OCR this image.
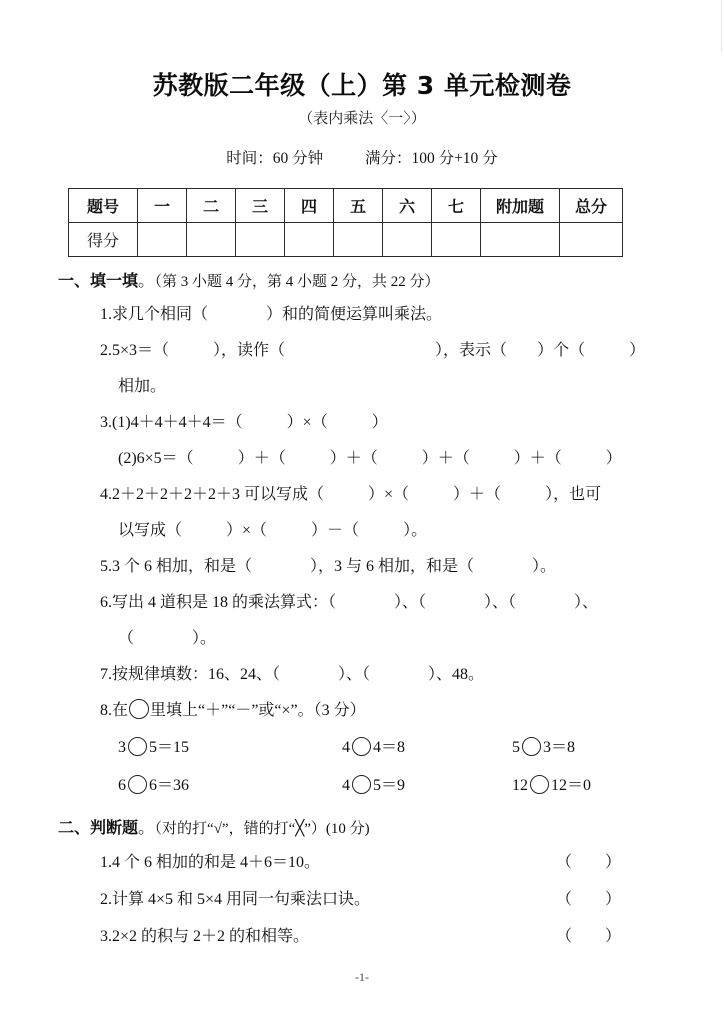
苏教版二年级（上）第 3 单元检测卷
（表内乘法〈一〉）
时间：60 分钟	满分：100 分+10 分
题号	一	二	三	四	五	六	七	附加题	总分
得分									
一、填一填。（第 3 小题 4 分，第 4 小题 2 分，共 22 分）
1.求几个相同（	）和的简便运算叫乘法。
2.5×3＝（	），读作（	），表示（ ）个（	）
相加。
3.(1)4＋4＋4＋4＝（	）×（	）
(2)6×5＝（	）＋（	）＋（	）＋（	）＋（	）
4.2＋2＋2＋2＋2＋3 可以写成（	）×（	）＋（	），也可
以写成（	）×（	）－（	）。
5.3 个 6 相加，和是（	），3 与 6 相加，和是（	）。
6.写出 4 道积是 18 的乘法算式：（	）、（	）、（	）、
（	）。
7.按规律填数：16、24、（	）、（	）、48。
8.在 里填上“＋”“－”或“×”。（3 分）
3 5＝15	4 4＝8	5 3＝8
6 6＝36	4 5＝9	12 12＝0
二、判断题。（对的打“√”，错的打“╳”）(10 分)
1.4 个 6 相加的和是 4＋6＝10。	（ ）
2.计算 4×5 和 5×4 用同一句乘法口诀。	（ ）
3.2×2 的积与 2＋2 的和相等。	（ ）
-1-
